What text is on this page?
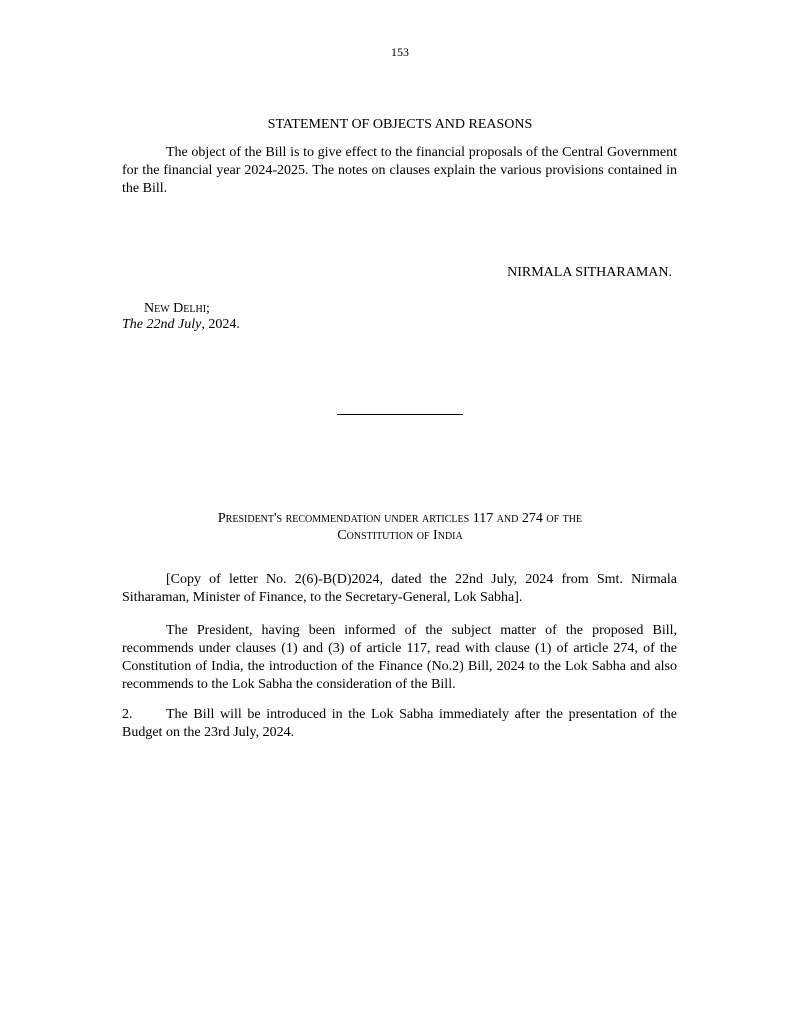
153
STATEMENT OF OBJECTS AND REASONS

The object of the Bill is to give effect to the financial proposals of the Central Government for the financial year 2024-2025. The notes on clauses explain the various provisions contained in the Bill.

NIRMALA SITHARAMAN.
New Delhi;
The 22nd July, 2024.
President's recommendation under articles 117 and 274 of the
Constitution of India

[Copy of letter No. 2(6)-B(D)2024, dated the 22nd July, 2024 from Smt. Nirmala Sitharaman, Minister of Finance, to the Secretary-General, Lok Sabha].

The President, having been informed of the subject matter of the proposed Bill, recommends under clauses (1) and (3) of article 117, read with clause (1) of article 274, of the Constitution of India, the introduction of the Finance (No.2) Bill, 2024 to the Lok Sabha and also recommends to the Lok Sabha the consideration of the Bill.

2. The Bill will be introduced in the Lok Sabha immediately after the presentation of the Budget on the 23rd July, 2024.
